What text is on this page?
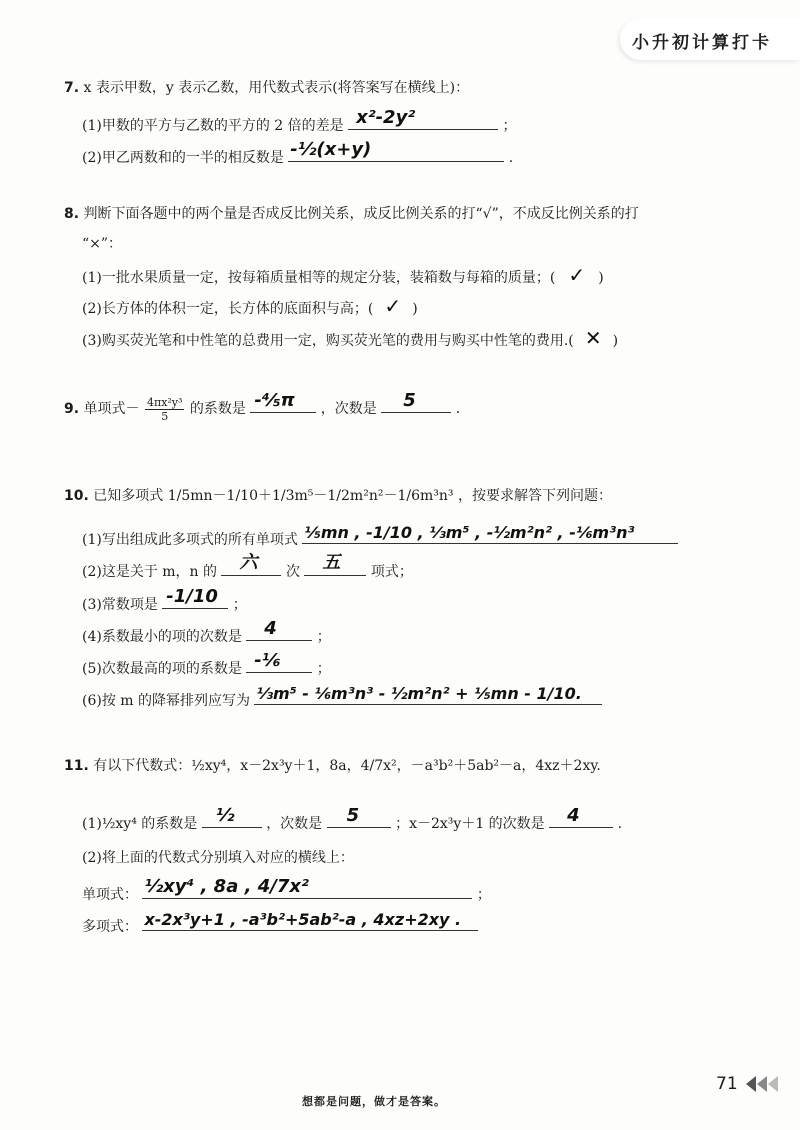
小升初计算打卡
7. x 表示甲数，y 表示乙数，用代数式表示(将答案写在横线上)：
(1)甲数的平方与乙数的平方的 2 倍的差是 x²-2y²	；
(2)甲乙两数和的一半的相反数是 -½(x+y)	.
8. 判断下面各题中的两个量是否成反比例关系，成反比例关系的打“√”，不成反比例关系的打
“×”：
(1)一批水果质量一定，按每箱质量相等的规定分装，装箱数与每箱的质量；( ✓ )
(2)长方体的体积一定，长方体的底面积与高；( ✓ )
(3)购买荧光笔和中性笔的总费用一定，购买荧光笔的费用与购买中性笔的费用.( ✕ )
9. 单项式－ $\frac{\text{4πx²y³}}{5}$ 的系数是 -⅘π ，次数是 5	.
10. 已知多项式 1/5mn－1/10＋1/3m⁵－1/2m²n²－1/6m³n³ ，按要求解答下列问题：
(1)写出组成此多项式的所有单项式 ⅕mn , -1/10 , ⅓m⁵ , -½m²n² , -⅙m³n³
(2)这是关于 m，n 的 六 次 五 项式；
(3)常数项是 -1/10 ；
(4)系数最小的项的次数是 4	；
(5)次数最高的项的系数是 -⅙	；
(6)按 m 的降幂排列应写为 ⅓m⁵ - ⅙m³n³ - ½m²n² + ⅕mn - 1/10.
11. 有以下代数式：½xy⁴，x－2x³y＋1，8a，4/7x²，－a³b²＋5ab²－a，4xz＋2xy.
(1)½xy⁴ 的系数是 ½ ，次数是 5	；x－2x³y＋1 的次数是 4	.
(2)将上面的代数式分别填入对应的横线上：
单项式： ½xy⁴ , 8a , 4/7x²	；
多项式： x-2x³y+1 , -a³b²+5ab²-a , 4xz+2xy .
想都是问题，做才是答案。
71
